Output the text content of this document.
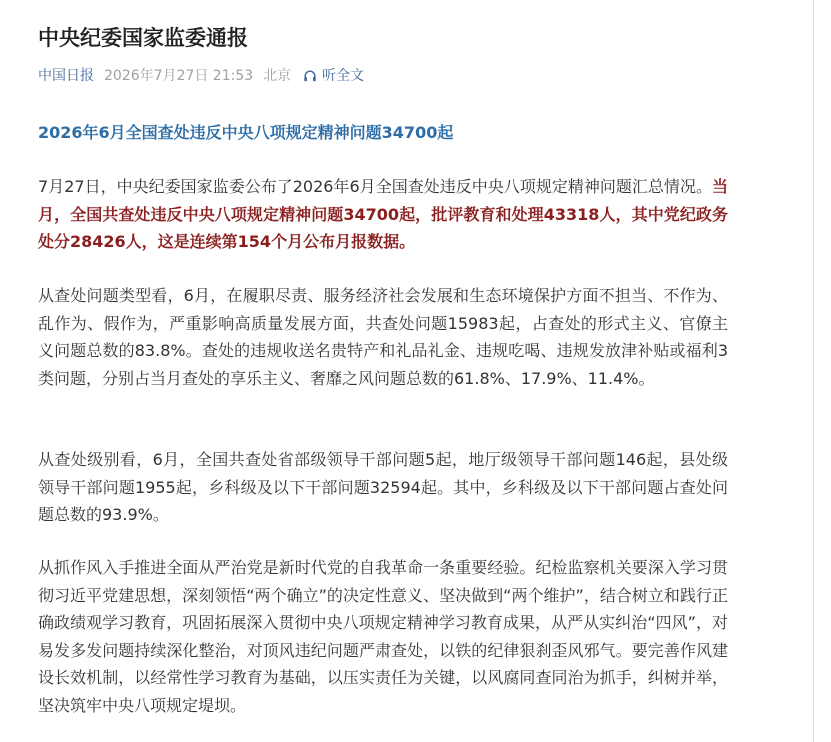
中央纪委国家监委通报
中国日报 2026年7月27日 21:53 北京 听全文
2026年6月全国查处违反中央八项规定精神问题34700起

7月27日，中央纪委国家监委公布了2026年6月全国查处违反中央八项规定精神问题汇总情况。当月，全国共查处违反中央八项规定精神问题34700起，批评教育和处理43318人，其中党纪政务处分28426人，这是连续第154个月公布月报数据。

从查处问题类型看，6月，在履职尽责、服务经济社会发展和生态环境保护方面不担当、不作为、乱作为、假作为，严重影响高质量发展方面，共查处问题15983起，占查处的形式主义、官僚主义问题总数的83.8%。查处的违规收送名贵特产和礼品礼金、违规吃喝、违规发放津补贴或福利3类问题，分别占当月查处的享乐主义、奢靡之风问题总数的61.8%、17.9%、11.4%。

从查处级别看，6月，全国共查处省部级领导干部问题5起，地厅级领导干部问题146起，县处级领导干部问题1955起，乡科级及以下干部问题32594起。其中，乡科级及以下干部问题占查处问题总数的93.9%。

从抓作风入手推进全面从严治党是新时代党的自我革命一条重要经验。纪检监察机关要深入学习贯彻习近平党建思想，深刻领悟“两个确立”的决定性意义、坚决做到“两个维护”，结合树立和践行正确政绩观学习教育，巩固拓展深入贯彻中央八项规定精神学习教育成果，从严从实纠治“四风”，对易发多发问题持续深化整治，对顶风违纪问题严肃查处，以铁的纪律狠刹歪风邪气。要完善作风建设长效机制，以经常性学习教育为基础，以压实责任为关键，以风腐同查同治为抓手，纠树并举，坚决筑牢中央八项规定堤坝。
